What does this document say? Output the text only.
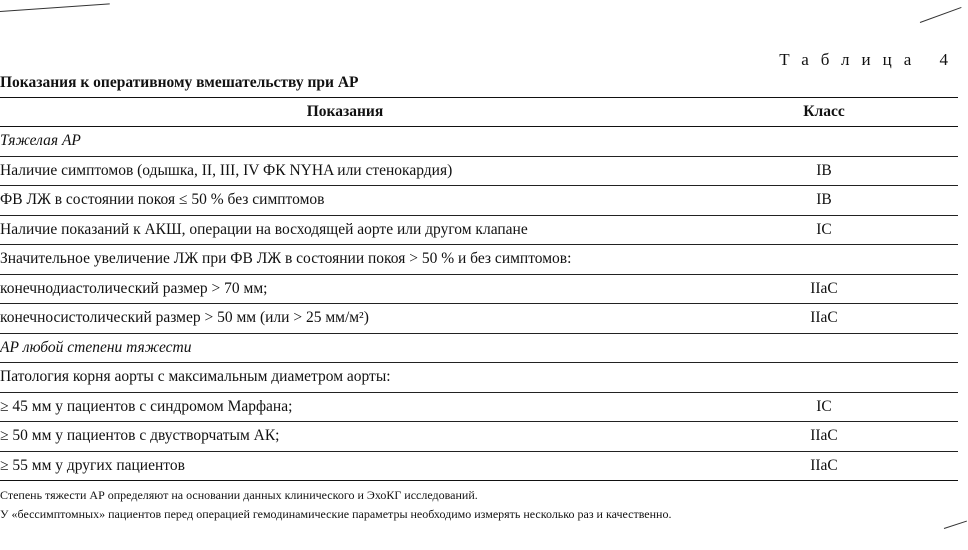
Таблица 4
Показания к оперативному вмешательству при АР
Показания	Класс
Тяжелая АР	
Наличие симптомов (одышка, II, III, IV ФК NYHA или стенокардия)	IB
ФВ ЛЖ в состоянии покоя ≤ 50 % без симптомов	IB
Наличие показаний к АКШ, операции на восходящей аорте или другом клапане	IC
Значительное увеличение ЛЖ при ФВ ЛЖ в состоянии покоя > 50 % и без симптомов:	
конечнодиастолический размер > 70 мм;	IIaC
конечносистолический размер > 50 мм (или > 25 мм/м²)	IIaC
АР любой степени тяжести	
Патология корня аорты с максимальным диаметром аорты:	
≥ 45 мм у пациентов с синдромом Марфана;	IC
≥ 50 мм у пациентов с двустворчатым АК;	IIaC
≥ 55 мм у других пациентов	IIaC
Степень тяжести АР определяют на основании данных клинического и ЭхоКГ исследований.
У «бессимптомных» пациентов перед операцией гемодинамические параметры необходимо измерять несколько раз и качественно.
